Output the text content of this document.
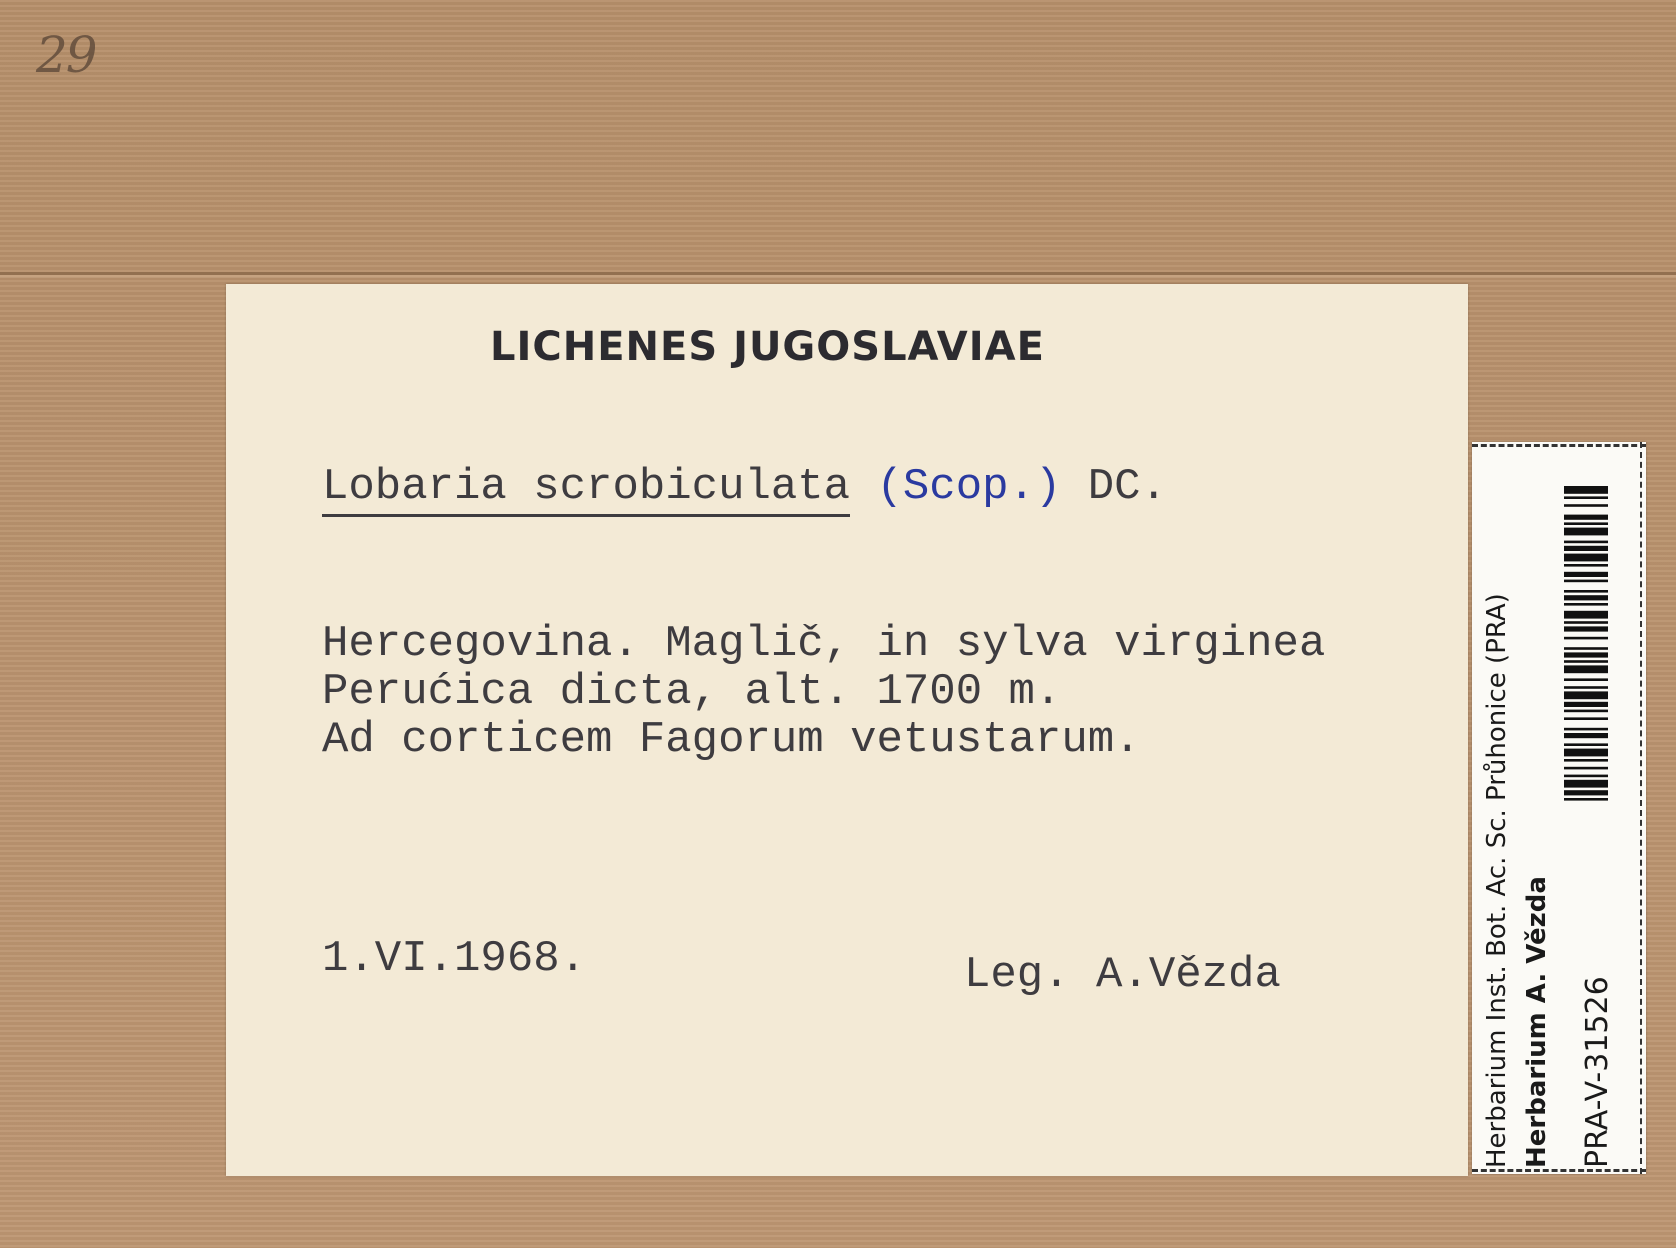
29
LICHENES JUGOSLAVIAE
Lobaria scrobiculata (Scop.) DC.
Hercegovina. Maglič, in sylva virginea
Perućica dicta, alt. 1700 m.
Ad corticem Fagorum vetustarum.
1.VI.1968.	Leg. A.Vězda	Herbarium Inst. Bot. Ac. Sc. Průhonice (PRA) Herbarium A. Vězda PRA-V-31526
